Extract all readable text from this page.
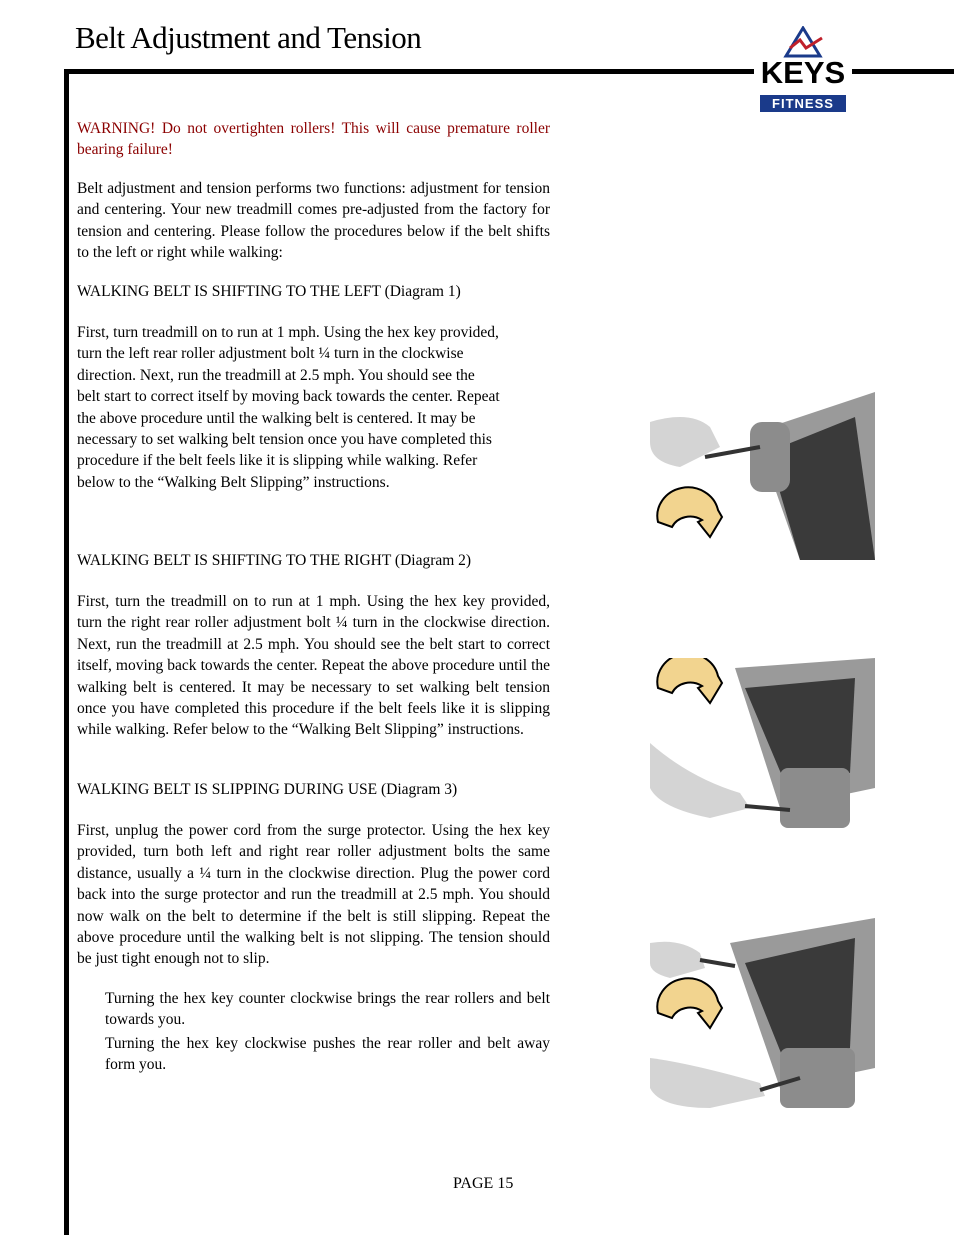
Belt Adjustment and Tension
KEYS
FITNESS

WARNING! Do not overtighten rollers! This will cause premature roller bearing failure!

Belt adjustment and tension performs two functions: adjustment for tension and centering. Your new treadmill comes pre-adjusted from the factory for tension and centering. Please follow the procedures below if the belt shifts to the left or right while walking:

WALKING BELT IS SHIFTING TO THE LEFT (Diagram 1)

First, turn treadmill on to run at 1 mph. Using the hex key provided,

turn the left rear roller adjustment bolt ¼ turn in the clockwise

direction. Next, run the treadmill at 2.5 mph. You should see the

belt start to correct itself by moving back towards the center. Repeat

the above procedure until the walking belt is centered. It may be

necessary to set walking belt tension once you have completed this

procedure if the belt feels like it is slipping while walking. Refer

below to the “Walking Belt Slipping” instructions.

WALKING BELT IS SHIFTING TO THE RIGHT (Diagram 2)

First, turn the treadmill on to run at 1 mph. Using the hex key provided, turn the right rear roller adjustment bolt ¼ turn in the clockwise direction. Next, run the treadmill at 2.5 mph. You should see the belt start to correct itself, moving back towards the center. Repeat the above procedure until the walking belt is centered. It may be necessary to set walking belt tension once you have completed this procedure if the belt feels like it is slipping while walking. Refer below to the “Walking Belt Slipping” instructions.

WALKING BELT IS SLIPPING DURING USE (Diagram 3)

First, unplug the power cord from the surge protector. Using the hex key provided, turn both left and right rear roller adjustment bolts the same distance, usually a ¼ turn in the clockwise direction. Plug the power cord back into the surge protector and run the treadmill at 2.5 mph. You should now walk on the belt to determine if the belt is still slipping. Repeat the above procedure until the walking belt is not slipping. The tension should be just tight enough not to slip.

Turning the hex key counter clockwise brings the rear rollers and belt towards you.
Turning the hex key clockwise pushes the rear roller and belt away form you.
PAGE 15
